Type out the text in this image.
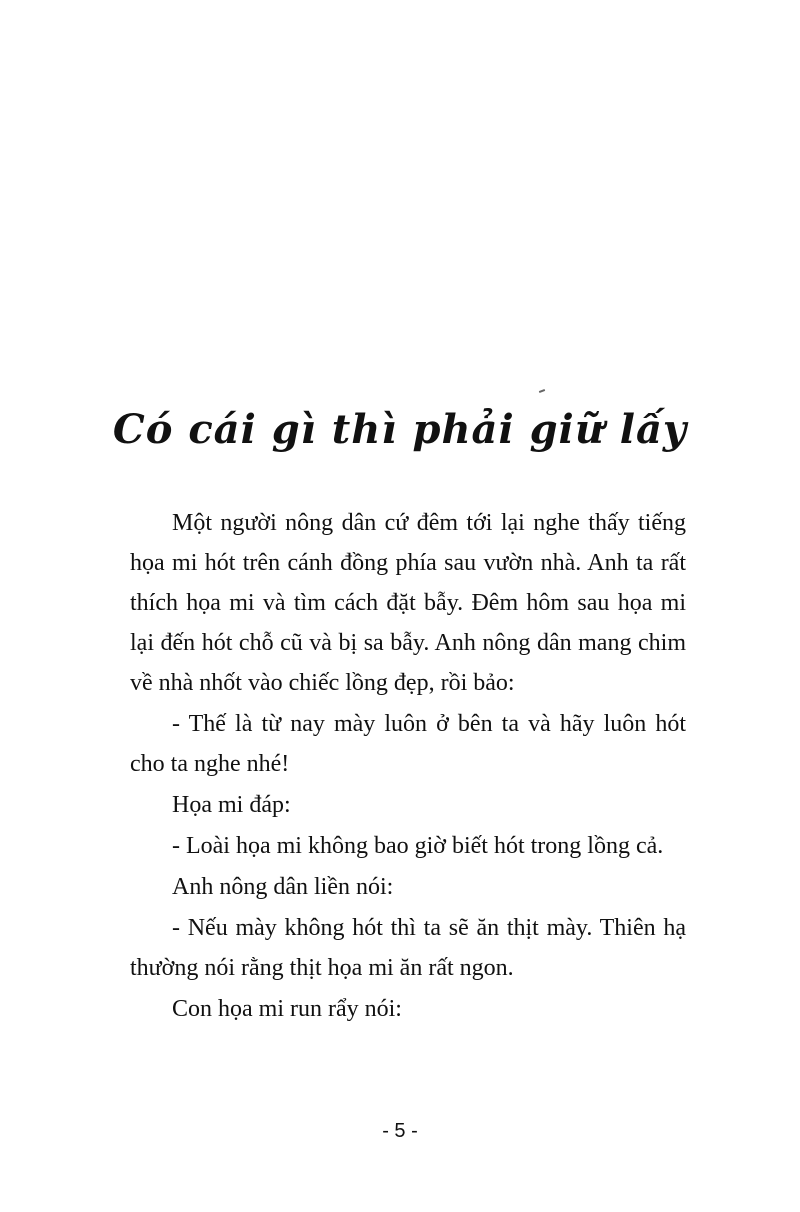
Có cái gì thì phải giữ lấy

Một người nông dân cứ đêm tới lại nghe thấy tiếng họa mi hót trên cánh đồng phía sau vườn nhà. Anh ta rất thích họa mi và tìm cách đặt bẫy. Đêm hôm sau họa mi lại đến hót chỗ cũ và bị sa bẫy. Anh nông dân mang chim về nhà nhốt vào chiếc lồng đẹp, rồi bảo:

- Thế là từ nay mày luôn ở bên ta và hãy luôn hót cho ta nghe nhé!

Họa mi đáp:

- Loài họa mi không bao giờ biết hót trong lồng cả.

Anh nông dân liền nói:

- Nếu mày không hót thì ta sẽ ăn thịt mày. Thiên hạ thường nói rằng thịt họa mi ăn rất ngon.

Con họa mi run rẩy nói:

- 5 -
